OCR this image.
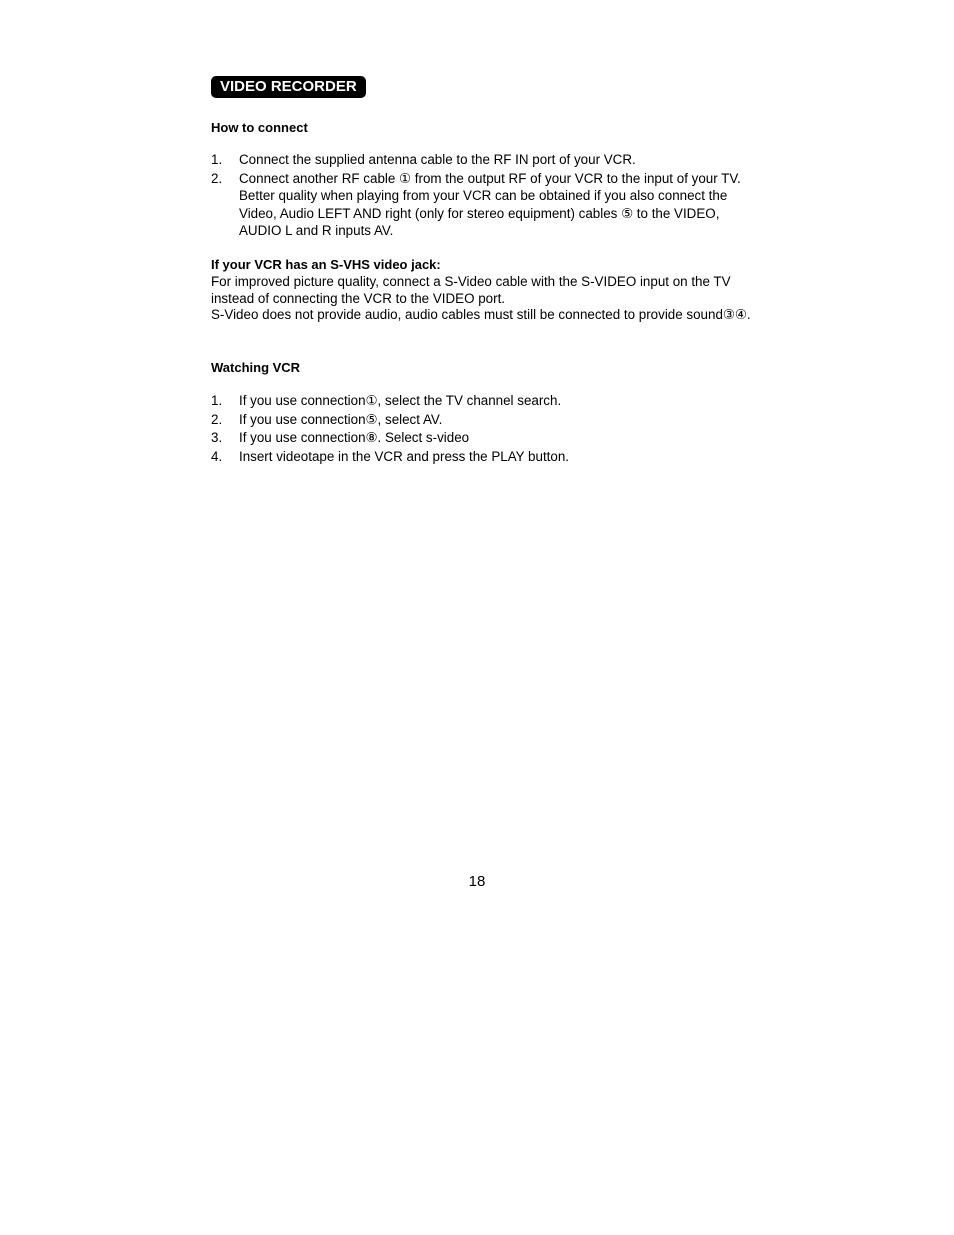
VIDEO RECORDER
How to connect
1. Connect the supplied antenna cable to the RF IN port of your VCR.
2. Connect another RF cable ① from the output RF of your VCR to the input of your TV. Better quality when playing from your VCR can be obtained if you also connect the Video, Audio LEFT AND right (only for stereo equipment) cables ⑤ to the VIDEO, AUDIO L and R inputs AV.
If your VCR has an S-VHS video jack:

For improved picture quality, connect a S-Video cable with the S-VIDEO input on the TV instead of connecting the VCR to the VIDEO port.

S-Video does not provide audio, audio cables must still be connected to provide sound③④.

Watching VCR
1. If you use connection①, select the TV channel search.
2. If you use connection⑤, select AV.
3. If you use connection⑧. Select s-video
4. Insert videotape in the VCR and press the PLAY button.
18
